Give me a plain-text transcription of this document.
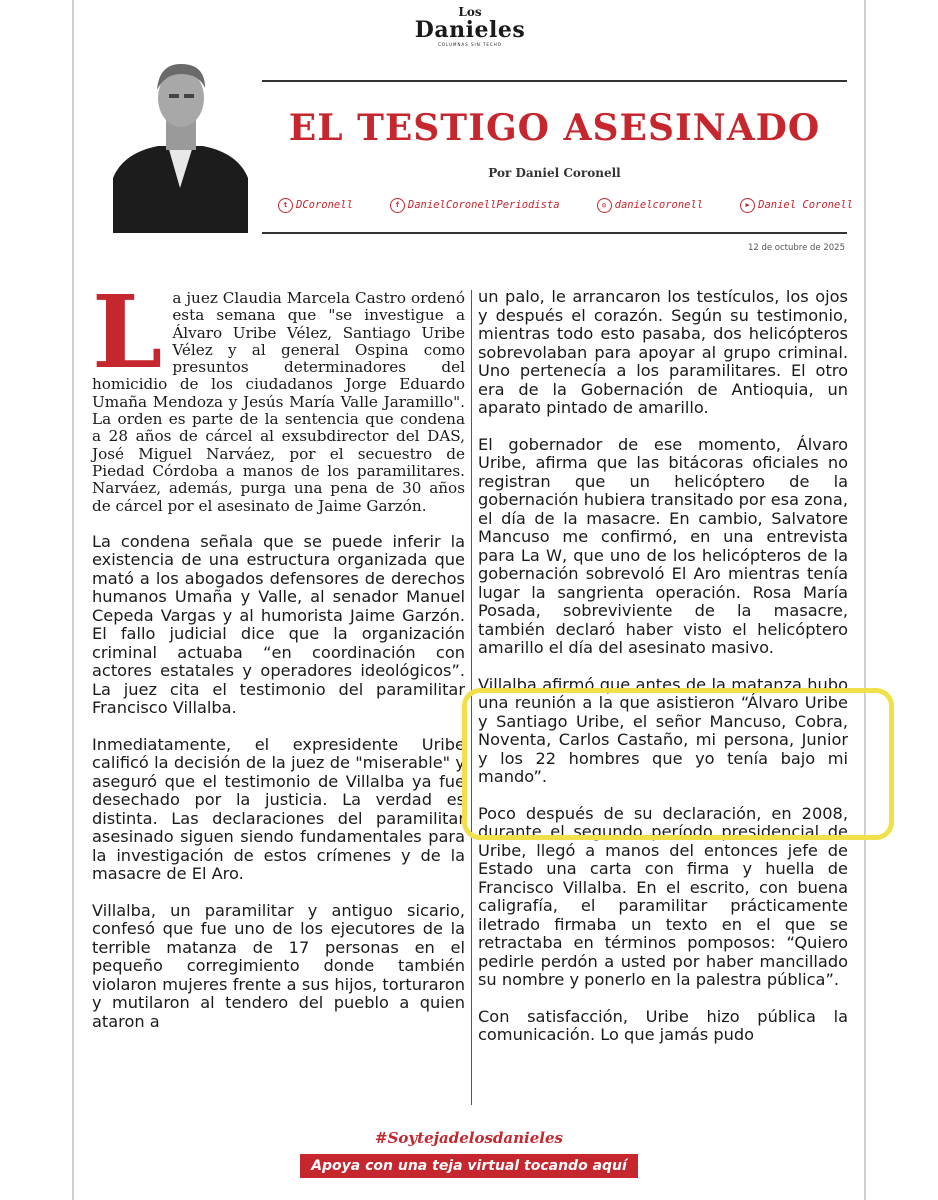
Los
Danieles
COLUMNAS SIN TECHO
EL TESTIGO ASESINADO
Por Daniel Coronell
t DCoronell	f DanielCoronellPeriodista	◎ danielcoronell	▶ Daniel Coronell
12 de octubre de 2025

L a juez Claudia Marcela Castro ordenó esta semana que "se investigue a Álvaro Uribe Vélez, Santiago Uribe Vélez y al general Ospina como presuntos determinadores del homicidio de los ciudadanos Jorge Eduardo Umaña Mendoza y Jesús María Valle Jaramillo". La orden es parte de la sentencia que condena a 28 años de cárcel al exsubdirector del DAS, José Miguel Narváez, por el secuestro de Piedad Córdoba a manos de los paramilitares. Narváez, además, purga una pena de 30 años de cárcel por el asesinato de Jaime Garzón.

La condena señala que se puede inferir la existencia de una estructura organizada que mató a los abogados defensores de derechos humanos Umaña y Valle, al senador Manuel Cepeda Vargas y al humorista Jaime Garzón. El fallo judicial dice que la organización criminal actuaba “en coordinación con actores estatales y operadores ideológicos”. La juez cita el testimonio del paramilitar Francisco Villalba.

Inmediatamente, el expresidente Uribe calificó la decisión de la juez de "miserable" y aseguró que el testimonio de Villalba ya fue desechado por la justicia. La verdad es distinta. Las declaraciones del paramilitar asesinado siguen siendo fundamentales para la investigación de estos crímenes y de la masacre de El Aro.

Villalba, un paramilitar y antiguo sicario, confesó que fue uno de los ejecutores de la terrible matanza de 17 personas en el pequeño corregimiento donde también violaron mujeres frente a sus hijos, torturaron y mutilaron al tendero del pueblo a quien ataron a

un palo, le arrancaron los testículos, los ojos y después el corazón. Según su testimonio, mientras todo esto pasaba, dos helicópteros sobrevolaban para apoyar al grupo criminal. Uno pertenecía a los paramilitares. El otro era de la Gobernación de Antioquia, un aparato pintado de amarillo.

El gobernador de ese momento, Álvaro Uribe, afirma que las bitácoras oficiales no registran que un helicóptero de la gobernación hubiera transitado por esa zona, el día de la masacre. En cambio, Salvatore Mancuso me confirmó, en una entrevista para La W, que uno de los helicópteros de la gobernación sobrevoló El Aro mientras tenía lugar la sangrienta operación. Rosa María Posada, sobreviviente de la masacre, también declaró haber visto el helicóptero amarillo el día del asesinato masivo.

Villalba afirmó que antes de la matanza hubo una reunión a la que asistieron “Álvaro Uribe y Santiago Uribe, el señor Mancuso, Cobra, Noventa, Carlos Castaño, mi persona, Junior y los 22 hombres que yo tenía bajo mi mando”.

Poco después de su declaración, en 2008, durante el segundo período presidencial de Uribe, llegó a manos del entonces jefe de Estado una carta con firma y huella de Francisco Villalba. En el escrito, con buena caligrafía, el paramilitar prácticamente iletrado firmaba un texto en el que se retractaba en términos pomposos: “Quiero pedirle perdón a usted por haber mancillado su nombre y ponerlo en la palestra pública”.

Con satisfacción, Uribe hizo pública la comunicación. Lo que jamás pudo

#Soytejadelosdanieles
Apoya con una teja virtual tocando aquí
